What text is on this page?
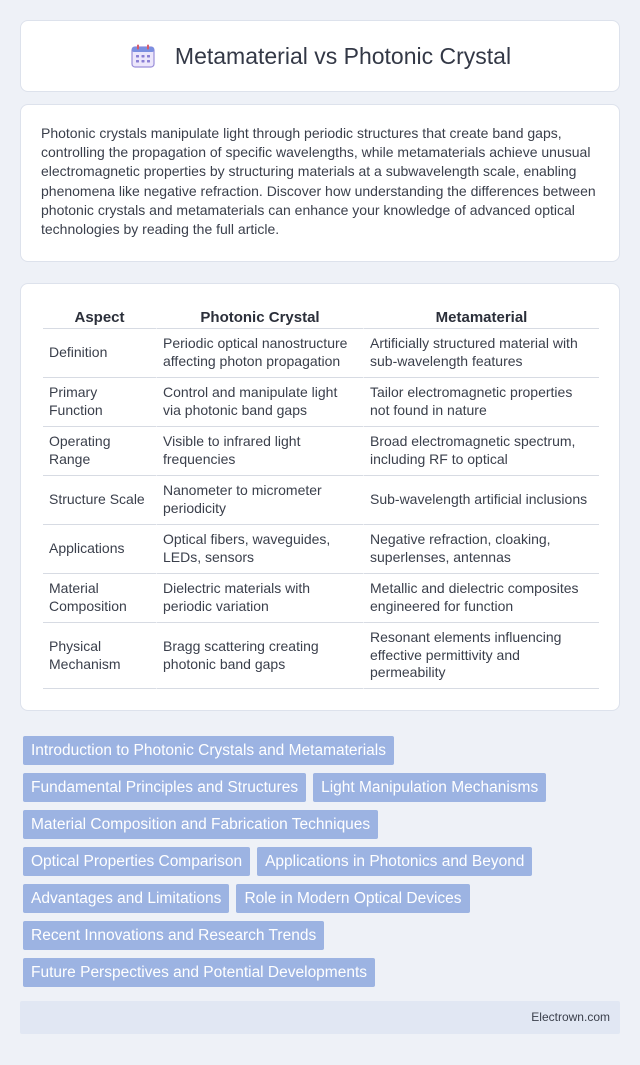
Metamaterial vs Photonic Crystal

Photonic crystals manipulate light through periodic structures that create band gaps, controlling the propagation of specific wavelengths, while metamaterials achieve unusual electromagnetic properties by structuring materials at a subwavelength scale, enabling phenomena like negative refraction. Discover how understanding the differences between photonic crystals and metamaterials can enhance your knowledge of advanced optical technologies by reading the full article.

Aspect	Photonic Crystal	Metamaterial
Definition	Periodic optical nanostructure affecting photon propagation	Artificially structured material with sub-wavelength features
Primary Function	Control and manipulate light via photonic band gaps	Tailor electromagnetic properties not found in nature
Operating Range	Visible to infrared light frequencies	Broad electromagnetic spectrum, including RF to optical
Structure Scale	Nanometer to micrometer periodicity	Sub-wavelength artificial inclusions
Applications	Optical fibers, waveguides, LEDs, sensors	Negative refraction, cloaking, superlenses, antennas
Material Composition	Dielectric materials with periodic variation	Metallic and dielectric composites engineered for function
Physical Mechanism	Bragg scattering creating photonic band gaps	Resonant elements influencing effective permittivity and permeability
Introduction to Photonic Crystals and Metamaterials
Fundamental Principles and Structures	Light Manipulation Mechanisms
Material Composition and Fabrication Techniques
Optical Properties Comparison	Applications in Photonics and Beyond
Advantages and Limitations	Role in Modern Optical Devices
Recent Innovations and Research Trends
Future Perspectives and Potential Developments
Electrown.com
